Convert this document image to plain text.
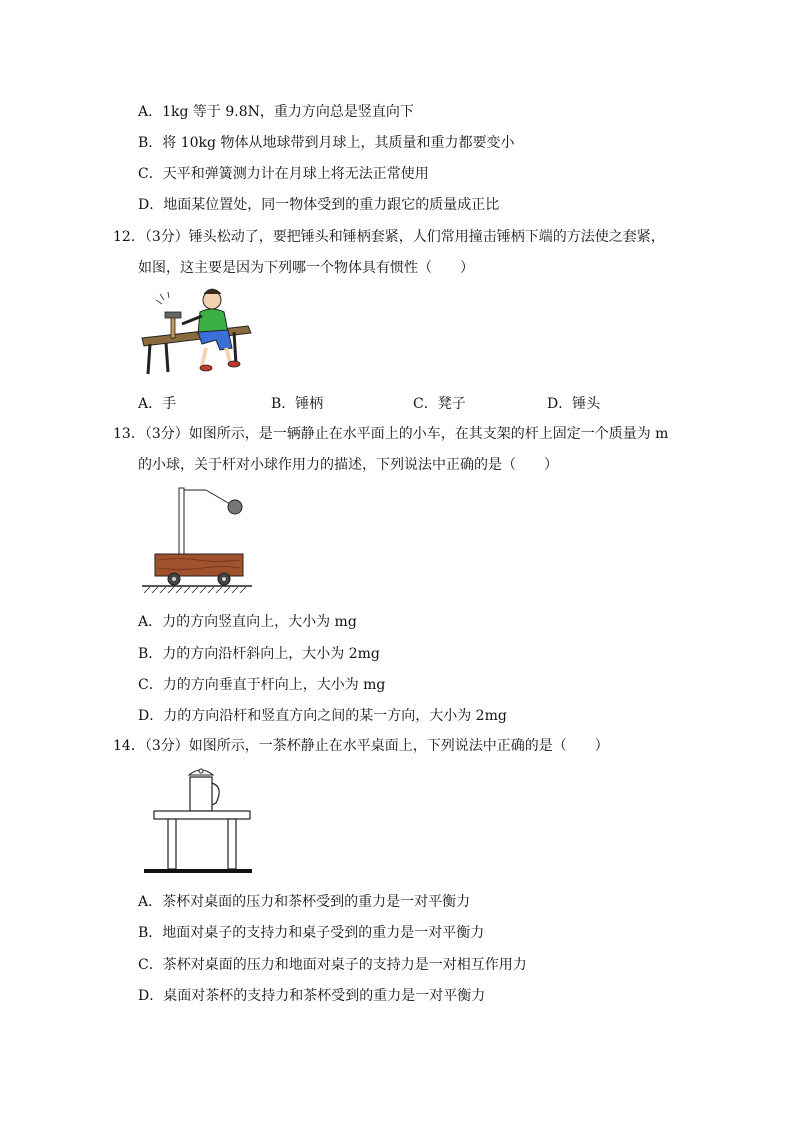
A．1kg 等于 9.8N，重力方向总是竖直向下
B．将 10kg 物体从地球带到月球上，其质量和重力都要变小
C．天平和弹簧测力计在月球上将无法正常使用
D．地面某位置处，同一物体受到的重力跟它的质量成正比
12．（3分）锤头松动了，要把锤头和锤柄套紧，人们常用撞击锤柄下端的方法使之套紧，
如图，这主要是因为下列哪一个物体具有惯性（　　）
A．手	B．锤柄	C．凳子	D．锤头
13．（3分）如图所示，是一辆静止在水平面上的小车，在其支架的杆上固定一个质量为 m
的小球，关于杆对小球作用力的描述，下列说法中正确的是（　　）
A．力的方向竖直向上，大小为 mg
B．力的方向沿杆斜向上，大小为 2mg
C．力的方向垂直于杆向上，大小为 mg
D．力的方向沿杆和竖直方向之间的某一方向，大小为 2mg
14．（3分）如图所示，一茶杯静止在水平桌面上，下列说法中正确的是（　　）
A．茶杯对桌面的压力和茶杯受到的重力是一对平衡力
B．地面对桌子的支持力和桌子受到的重力是一对平衡力
C．茶杯对桌面的压力和地面对桌子的支持力是一对相互作用力
D．桌面对茶杯的支持力和茶杯受到的重力是一对平衡力
